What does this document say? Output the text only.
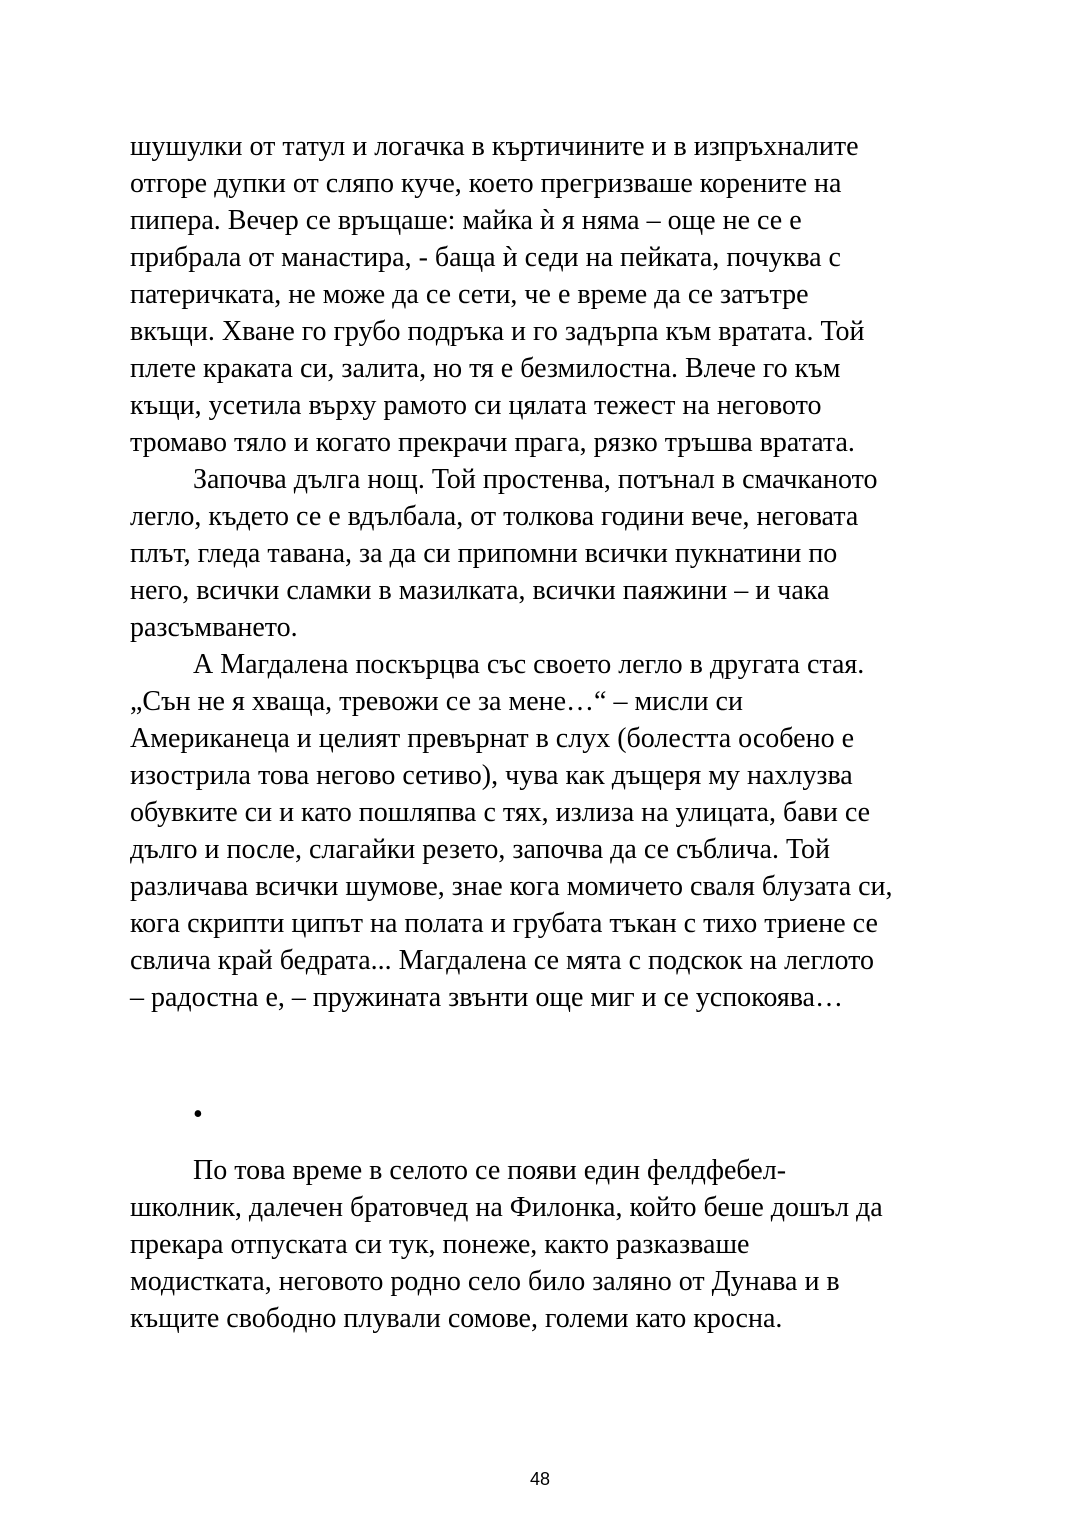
шушулки от татул и логачка в къртичините и в изпръхналите
отгоре дупки от сляпо куче, което прегризваше корените на
пипера. Вечер се връщаше: майка ѝ я няма – още не се е
прибрала от манастира, - баща ѝ седи на пейката, почуква с
патеричката, не може да се сети, че е време да се затътре
вкъщи. Хване го грубо подръка и го задърпа към вратата. Той
плете краката си, залита, но тя е безмилостна. Влече го към
къщи, усетила върху рамото си цялата тежест на неговото
тромаво тяло и когато прекрачи прага, рязко тръшва вратата.
Започва дълга нощ. Той простенва, потънал в смачканото
легло, където се е вдълбала, от толкова години вече, неговата
плът, гледа тавана, за да си припомни всички пукнатини по
него, всички сламки в мазилката, всички паяжини – и чака
разсъмването.
А Магдалена поскърцва със своето легло в другата стая.
„Сън не я хваща, тревожи се за мене…“ – мисли си
Американеца и целият превърнат в слух (болестта особено е
изострила това негово сетиво), чува как дъщеря му нахлузва
обувките си и като пошляпва с тях, излиза на улицата, бави се
дълго и после, слагайки резето, започва да се съблича. Той
различава всички шумове, знае кога момичето сваля блузата си,
кога скрипти ципът на полата и грубата тъкан с тихо триене се
свлича край бедрата... Магдалена се мята с подскок на леглото
– радостна е, – пружината звънти още миг и се успокоява…
•
По това време в селото се появи един фелдфебел-
школник, далечен братовчед на Филонка, който беше дошъл да
прекара отпуската си тук, понеже, както разказваше
модистката, неговото родно село било заляно от Дунава и в
къщите свободно плували сомове, големи като кросна.
48
